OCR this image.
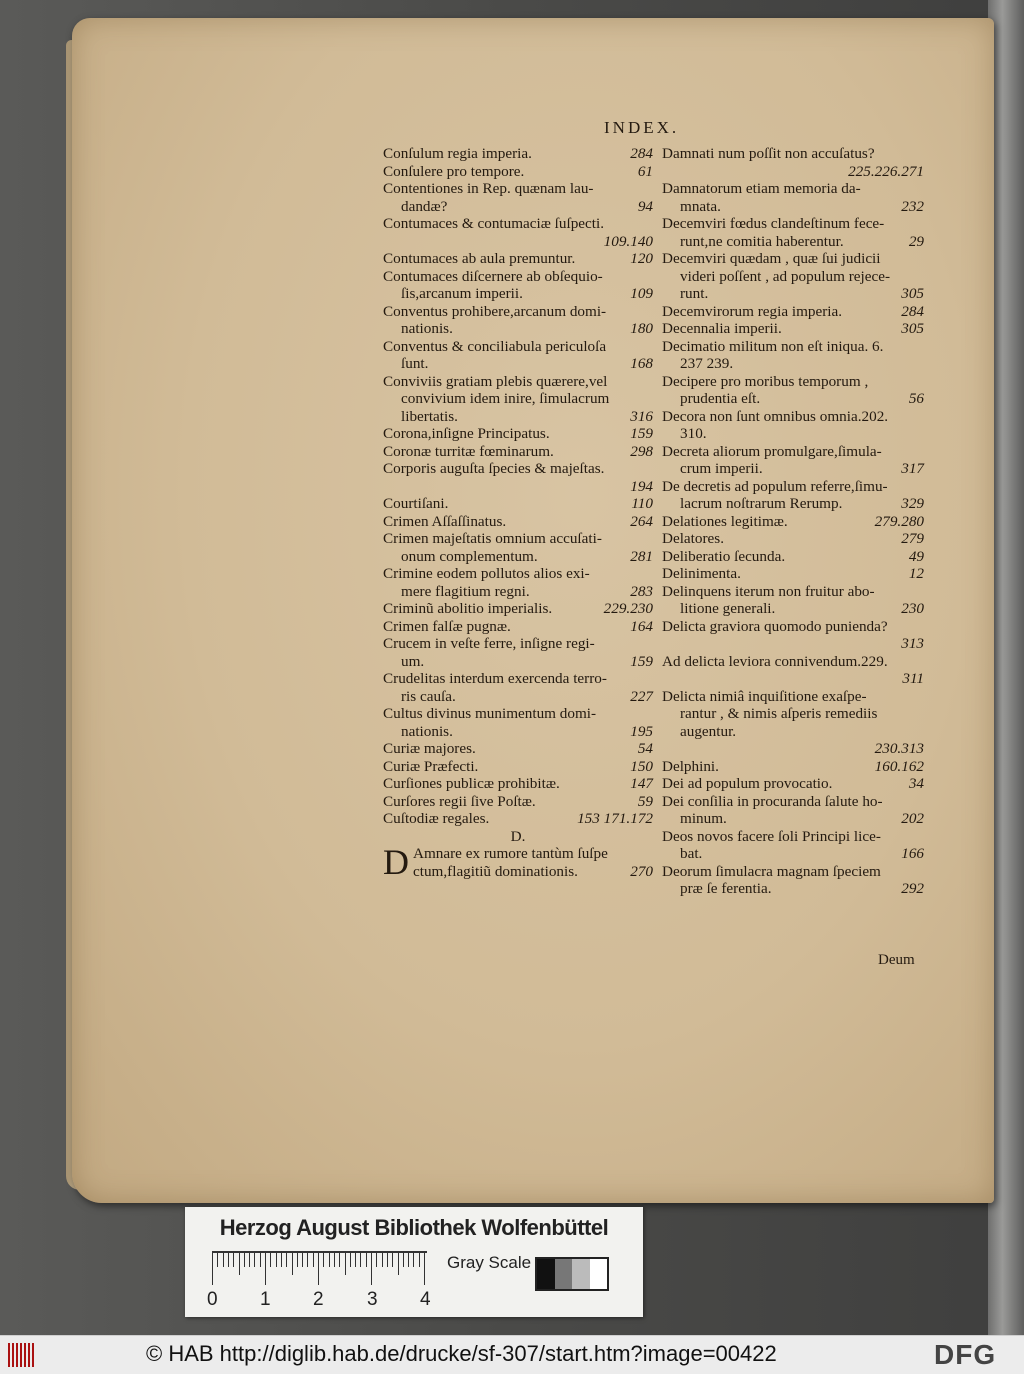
INDEX.
Conſulum regia imperia.	284
Conſulere pro tempore.	61
Contentiones in Rep. quænam lau-
dandæ?	94
Contumaces & contumaciæ ſuſpecti.
109.140
Contumaces ab aula premuntur.	120
Contumaces diſcernere ab obſequio-
ſis,arcanum imperii.	109
Conventus prohibere,arcanum domi-
nationis.	180
Conventus & conciliabula periculoſa
ſunt.	168
Conviviis gratiam plebis quærere,vel
convivium idem inire, ſimulacrum
libertatis.	316
Corona,inſigne Principatus.	159
Coronæ turritæ fœminarum.	298
Corporis auguſta ſpecies & majeſtas.
194
Courtiſani.	110
Crimen Aſſaſſinatus.	264
Crimen majeſtatis omnium accuſati-
onum complementum.	281
Crimine eodem pollutos alios exi-
mere flagitium regni.	283
Criminũ abolitio imperialis.	229.230
Crimen falſæ pugnæ.	164
Crucem in veſte ferre, inſigne regi-
um.	159
Crudelitas interdum exercenda terro-
ris cauſa.	227
Cultus divinus munimentum domi-
nationis.	195
Curiæ majores.	54
Curiæ Præfecti.	150
Curſiones publicæ prohibitæ.	147
Curſores regii ſive Poſtæ.	59
Cuſtodiæ regales.	153 171.172
D.
D Amnare ex rumore tantùm ſuſpe
ctum,flagitiũ dominationis.	270
Damnati num poſſit non accuſatus?
225.226.271
Damnatorum etiam memoria da-
mnata.	232
Decemviri fœdus clandeſtinum fece-
runt,ne comitia haberentur.	29
Decemviri quædam , quæ ſui judicii
videri poſſent , ad populum rejece-
runt.	305
Decemvirorum regia imperia.	284
Decennalia imperii.	305
Decimatio militum non eſt iniqua. 6.
237 239.
Decipere pro moribus temporum ,
prudentia eſt.	56
Decora non ſunt omnibus omnia.202.
310.
Decreta aliorum promulgare,ſimula-
crum imperii.	317
De decretis ad populum referre,ſimu-
lacrum noſtrarum Rerump.	329
Delationes legitimæ.	279.280
Delatores.	279
Deliberatio ſecunda.	49
Delinimenta.	12
Delinquens iterum non fruitur abo-
litione generali.	230
Delicta graviora quomodo punienda?
313
Ad delicta leviora connivendum.229.
311
Delicta nimiâ inquiſitione exaſpe-
rantur , & nimis aſperis remediis
augentur.
230.313
Delphini.	160.162
Dei ad populum provocatio.	34
Dei conſilia in procuranda ſalute ho-
minum.	202
Deos novos facere ſoli Principi lice-
bat.	166
Deorum ſimulacra magnam ſpeciem
præ ſe ferentia.	292
Deum
Herzog August Bibliothek Wolfenbüttel
0 1 2 3 4
Gray Scale
© HAB http://diglib.hab.de/drucke/sf-307/start.htm?image=00422	DFG
